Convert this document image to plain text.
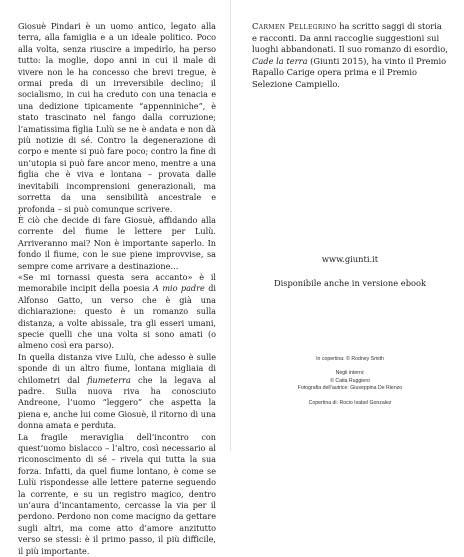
Giosuè Pindari è un uomo antico, legato alla terra, alla famiglia e a un ideale politico. Poco alla volta, senza riuscire a impedirlo, ha perso tutto: la moglie, dopo anni in cui il male di vivere non le ha concesso che brevi tregue, è ormai preda di un irreversibile declino; il socialismo, in cui ha creduto con una tenacia e una dedizione tipicamente “appenniniche”, è stato trascinato nel fango dalla corruzione; l’amatissima figlia Lulù se ne è andata e non dà più notizie di sé. Contro la degenerazione di corpo e mente si può fare poco; contro la fine di un’utopia si può fare ancor meno, mentre a una figlia che è viva e lontana – provata dalle inevitabili incomprensioni generazionali, ma sorretta da una sensibilità ancestrale e profonda – si può comunque scrivere.

È ciò che decide di fare Giosuè, affidando alla corrente del fiume le lettere per Lulù. Arriveranno mai? Non è importante saperlo. In fondo il fiume, con le sue piene improvvise, sa sempre come arrivare a destinazione…

«Se mi tornassi questa sera accanto» è il memorabile incipit della poesia A mio padre di Alfonso Gatto, un verso che è già una dichiarazione: questo è un romanzo sulla distanza, a volte abissale, tra gli esseri umani, specie quelli che una volta si sono amati (o almeno così era parso).

In quella distanza vive Lulù, che adesso è sulle sponde di un altro fiume, lontana migliaia di chilometri dal fiumeterra che la legava al padre. Sulla nuova riva ha conosciuto Andreone, l’uomo “leggero” che aspetta la piena e, anche lui come Giosuè, il ritorno di una donna amata e perduta.

La fragile meraviglia dell’incontro con quest’uomo bislacco – l’altro, così necessario al riconoscimento di sé – rivela qui tutta la sua forza. Infatti, da quel fiume lontano, è come se Lulù rispondesse alle lettere paterne seguendo la corrente, e su un registro magico, dentro un’aura d’incantamento, cercasse la via per il perdono. Perdono non come macigno da gettare sugli altri, ma come atto d’amore anzitutto verso se stessi: è il primo passo, il più difficile, il più importante.

Carmen Pellegrino ha scritto saggi di storia e racconti. Da anni raccoglie suggestioni sui luoghi abbandonati. Il suo romanzo di esordio, Cade la terra (Giunti 2015), ha vinto il Premio Rapallo Carige opera prima e il Premio Selezione Campiello.

www.giunti.it
Disponibile anche in versione ebook
In copertina: © Rodney Smith
Negli interni:
© Catia Ruggiero
Fotografia dell’autrice: Giuseppina De Rienzo
Copertina di: Rocio Isabel Gonzalez
